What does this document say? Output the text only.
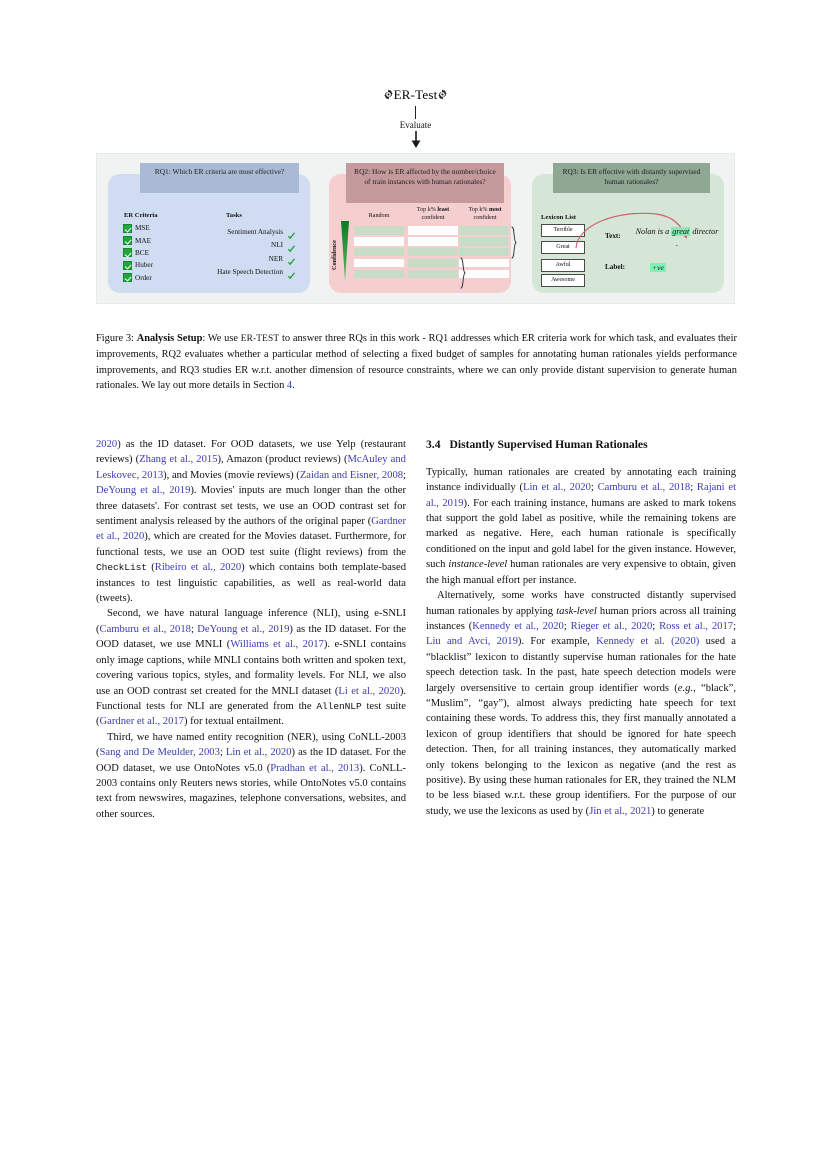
ER-Test
Evaluate
ER Criteria	Tasks
MSE
MAE
BCE
Huber
Order
Sentiment Analysis
NLI
NER
Hate Speech Detection
Confidence
Random
Top k% least confident
Top k% most confident	Lexicon List
Terrible
Great
Awful
Awesome
Text: Nolan is a great director .
Label:	+ve
RQ1: Which ER criteria are most effective?	RQ2: How is ER affected by the number/choice of train instances with human rationales?
RQ3: Is ER effective with distantly supervised human rationales?
Figure 3: Analysis Setup: We use ER-TEST to answer three RQs in this work - RQ1 addresses which ER criteria work for which task, and evaluates their improvements, RQ2 evaluates whether a particular method of selecting a fixed budget of samples for annotating human rationales yields performance improvements, and RQ3 studies ER w.r.t. another dimension of resource constraints, where we can only provide distant supervision to generate human rationales. We lay out more details in Section 4.

2020) as the ID dataset. For OOD datasets, we use Yelp (restaurant reviews) (Zhang et al., 2015), Amazon (product reviews) (McAuley and Leskovec, 2013), and Movies (movie reviews) (Zaidan and Eisner, 2008; DeYoung et al., 2019). Movies' inputs are much longer than the other three datasets'. For contrast set tests, we use an OOD contrast set for sentiment analysis released by the authors of the original paper (Gardner et al., 2020), which are created for the Movies dataset. Furthermore, for functional tests, we use an OOD test suite (flight reviews) from the CheckList (Ribeiro et al., 2020) which contains both template-based instances to test linguistic capabilities, as well as real-world data (tweets).

Second, we have natural language inference (NLI), using e-SNLI (Camburu et al., 2018; DeYoung et al., 2019) as the ID dataset. For the OOD dataset, we use MNLI (Williams et al., 2017). e-SNLI contains only image captions, while MNLI contains both written and spoken text, covering various topics, styles, and formality levels. For NLI, we also use an OOD contrast set created for the MNLI dataset (Li et al., 2020). Functional tests for NLI are generated from the AllenNLP test suite (Gardner et al., 2017) for textual entailment.

Third, we have named entity recognition (NER), using CoNLL-2003 (Sang and De Meulder, 2003; Lin et al., 2020) as the ID dataset. For the OOD dataset, we use OntoNotes v5.0 (Pradhan et al., 2013). CoNLL-2003 contains only Reuters news stories, while OntoNotes v5.0 contains text from newswires, magazines, telephone conversations, websites, and other sources.

3.4 Distantly Supervised Human Rationales

Typically, human rationales are created by annotating each training instance individually (Lin et al., 2020; Camburu et al., 2018; Rajani et al., 2019). For each training instance, humans are asked to mark tokens that support the gold label as positive, while the remaining tokens are marked as negative. Here, each human rationale is specifically conditioned on the input and gold label for the given instance. However, such instance-level human rationales are very expensive to obtain, given the high manual effort per instance.

Alternatively, some works have constructed distantly supervised human rationales by applying task-level human priors across all training instances (Kennedy et al., 2020; Rieger et al., 2020; Ross et al., 2017; Liu and Avci, 2019). For example, Kennedy et al. (2020) used a “blacklist” lexicon to distantly supervise human rationales for the hate speech detection task. In the past, hate speech detection models were largely oversensitive to certain group identifier words (e.g., “black”, “Muslim”, “gay”), almost always predicting hate speech for text containing these words. To address this, they first manually annotated a lexicon of group identifiers that should be ignored for hate speech detection. Then, for all training instances, they automatically marked only tokens belonging to the lexicon as negative (and the rest as positive). By using these human rationales for ER, they trained the NLM to be less biased w.r.t. these group identifiers. For the purpose of our study, we use the lexicons as used by (Jin et al., 2021) to generate
